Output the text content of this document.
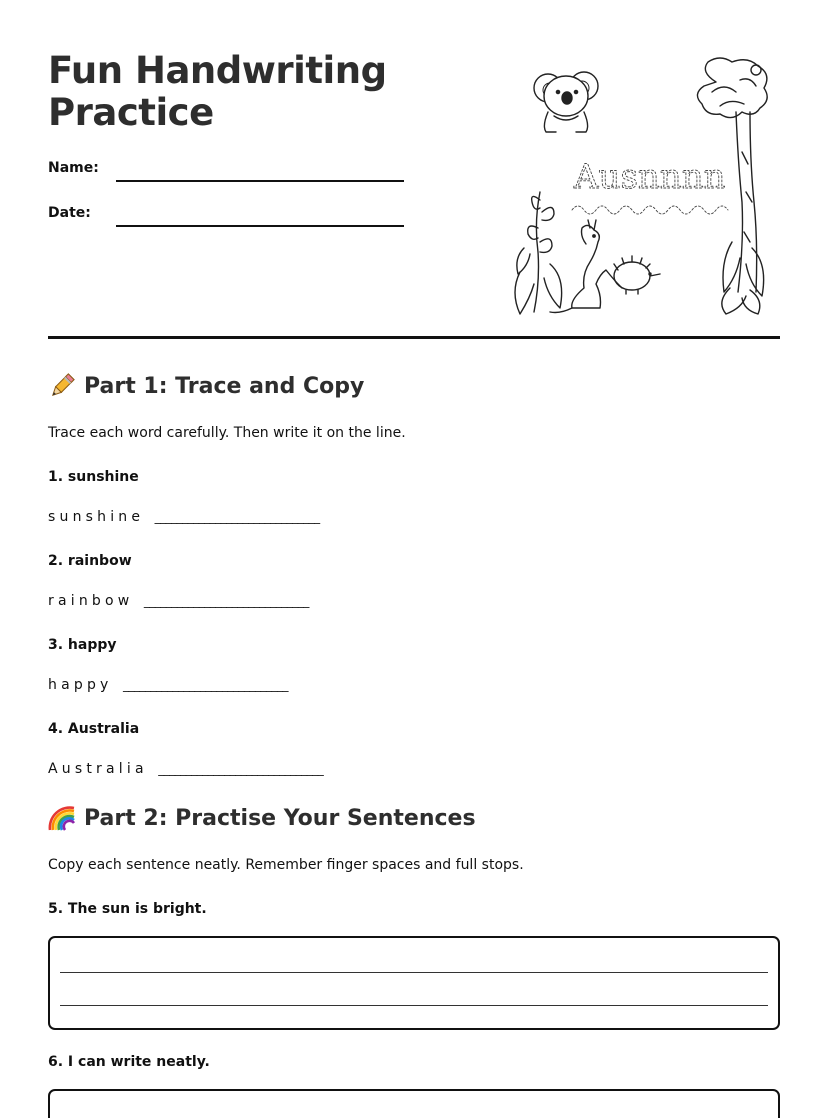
Fun Handwriting
Practice
Name:
Date:
Ausnnnn
Part 1: Trace and Copy
Trace each word carefully. Then write it on the line.
1. sunshine
sunshine ______________________________
2. rainbow
rainbow ______________________________
3. happy
happy ______________________________
4. Australia
Australia ______________________________
Part 2: Practise Your Sentences
Copy each sentence neatly. Remember finger spaces and full stops.
5. The sun is bright.
6. I can write neatly.
